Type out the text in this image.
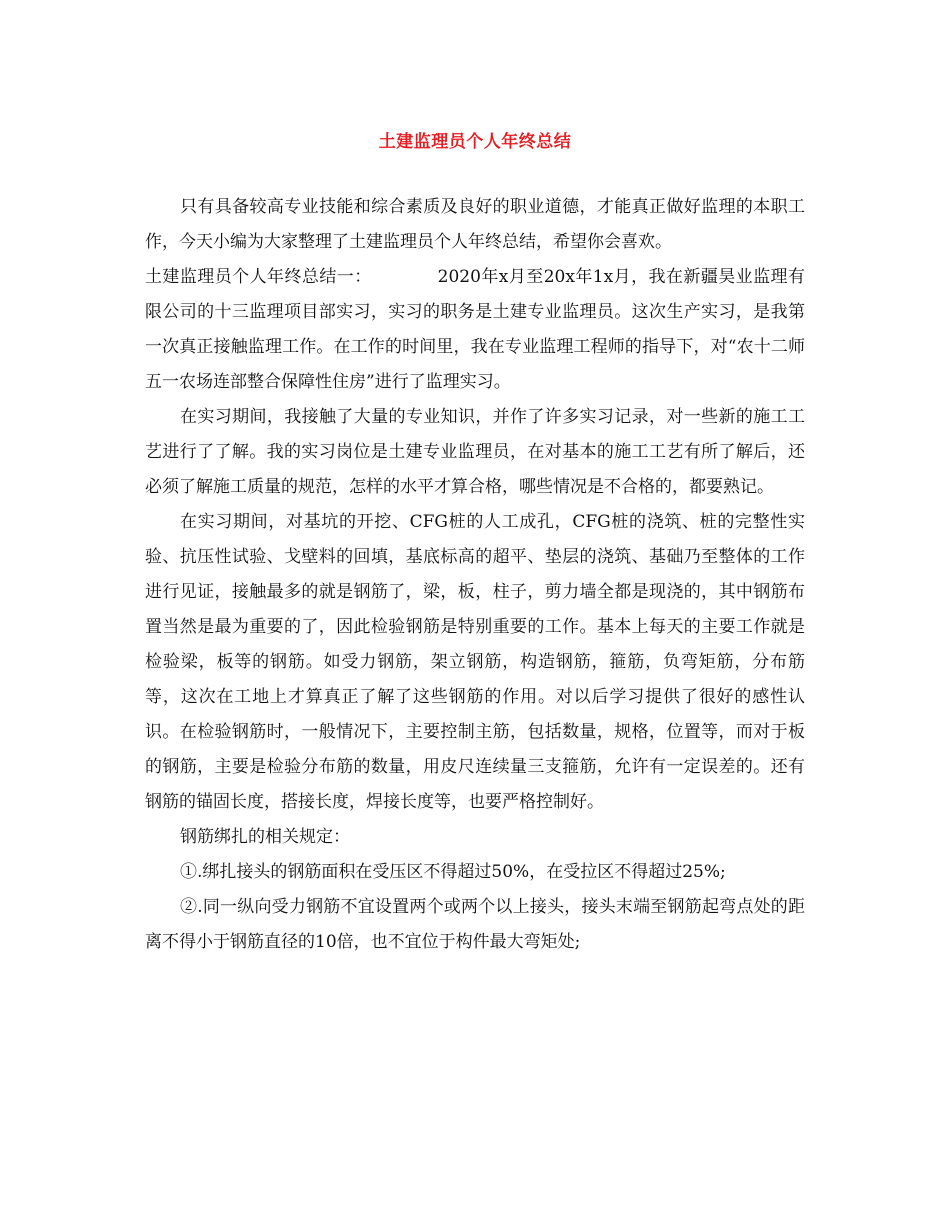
土建监理员个人年终总结

只有具备较高专业技能和综合素质及良好的职业道德，才能真正做好监理的本职工作，今天小编为大家整理了土建监理员个人年终总结，希望你会喜欢。

土建监理员个人年终总结一：	2020年x月至20x年1x月，我在新疆昊业监理有限公司的十三监理项目部实习，实习的职务是土建专业监理员。这次生产实习，是我第一次真正接触监理工作。在工作的时间里，我在专业监理工程师的指导下，对“农十二师五一农场连部整合保障性住房”进行了监理实习。

在实习期间，我接触了大量的专业知识，并作了许多实习记录，对一些新的施工工艺进行了了解。我的实习岗位是土建专业监理员，在对基本的施工工艺有所了解后，还必须了解施工质量的规范，怎样的水平才算合格，哪些情况是不合格的，都要熟记。

在实习期间，对基坑的开挖、CFG桩的人工成孔，CFG桩的浇筑、桩的完整性实验、抗压性试验、戈壁料的回填，基底标高的超平、垫层的浇筑、基础乃至整体的工作进行见证，接触最多的就是钢筋了，梁，板，柱子，剪力墙全都是现浇的，其中钢筋布置当然是最为重要的了，因此检验钢筋是特别重要的工作。基本上每天的主要工作就是检验梁，板等的钢筋。如受力钢筋，架立钢筋，构造钢筋，箍筋，负弯矩筋，分布筋等，这次在工地上才算真正了解了这些钢筋的作用。对以后学习提供了很好的感性认识。在检验钢筋时，一般情况下，主要控制主筋，包括数量，规格，位置等，而对于板的钢筋，主要是检验分布筋的数量，用皮尺连续量三支箍筋，允许有一定误差的。还有钢筋的锚固长度，搭接长度，焊接长度等，也要严格控制好。

钢筋绑扎的相关规定：

①.绑扎接头的钢筋面积在受压区不得超过50%，在受拉区不得超过25%;

②.同一纵向受力钢筋不宜设置两个或两个以上接头，接头末端至钢筋起弯点处的距离不得小于钢筋直径的10倍，也不宜位于构件最大弯矩处;
